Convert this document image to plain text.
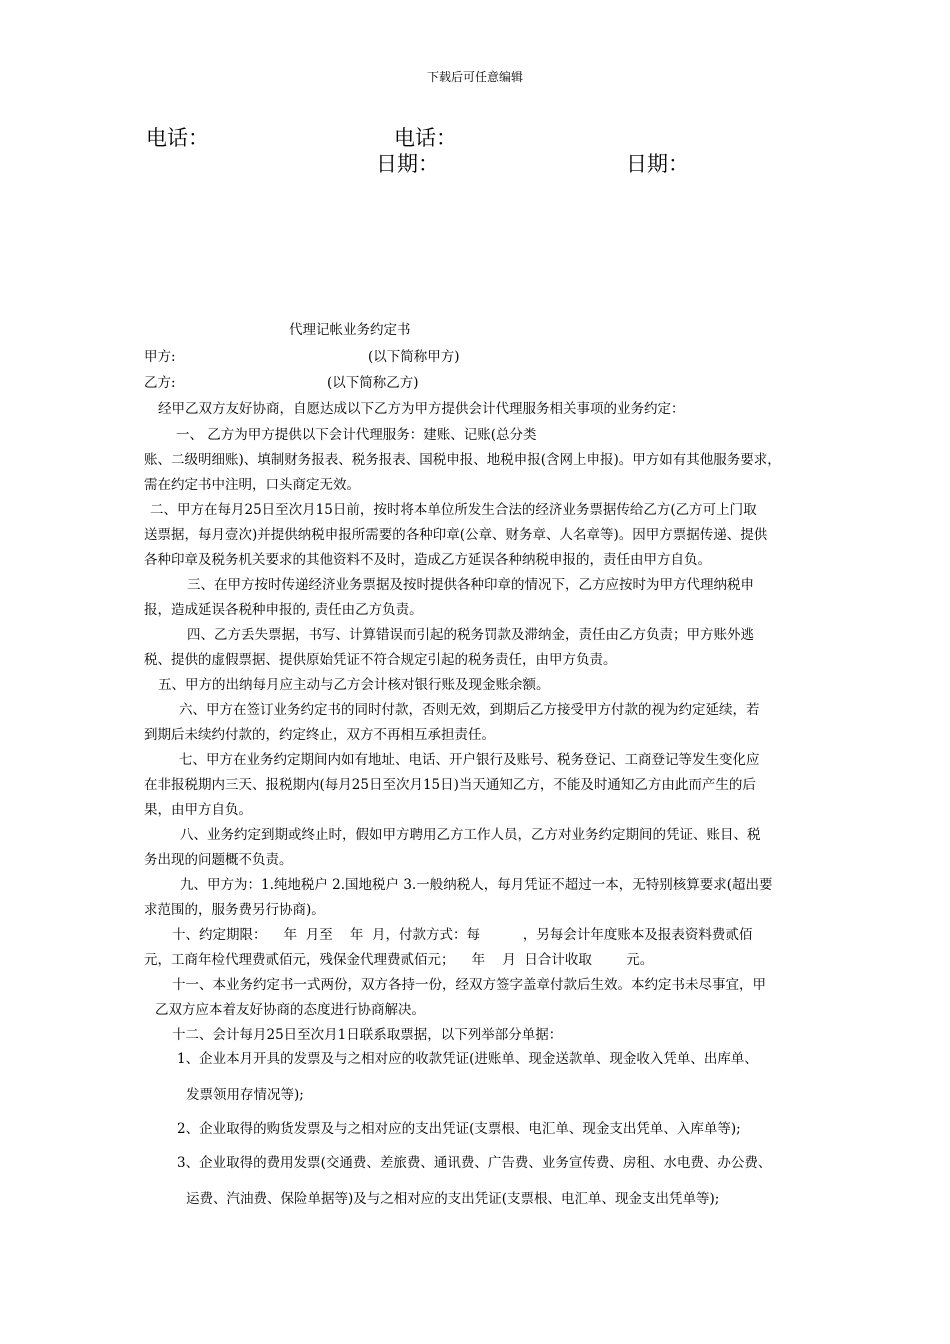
下载后可任意编辑
电话：	电话：
日期：	日期：
代理记帐业务约定书
甲方:	(以下简称甲方)
乙方:	(以下简称乙方)
经甲乙双方友好协商，自愿达成以下乙方为甲方提供会计代理服务相关事项的业务约定：
一、 乙方为甲方提供以下会计代理服务：建账、记账(总分类
账、二级明细账)、填制财务报表、税务报表、国税申报、地税申报(含网上申报)。甲方如有其他服务要求，
需在约定书中注明，口头商定无效。
二、甲方在每月25日至次月15日前，按时将本单位所发生合法的经济业务票据传给乙方(乙方可上门取
送票据，每月壹次)并提供纳税申报所需要的各种印章(公章、财务章、人名章等)。因甲方票据传递、提供
各种印章及税务机关要求的其他资料不及时，造成乙方延误各种纳税申报的，责任由甲方自负。
三、在甲方按时传递经济业务票据及按时提供各种印章的情况下，乙方应按时为甲方代理纳税申
报，造成延误各税种申报的, 责任由乙方负责。
四、乙方丢失票据，书写、计算错误而引起的税务罚款及滞纳金，责任由乙方负责；甲方账外逃
税、提供的虚假票据、提供原始凭证不符合规定引起的税务责任，由甲方负责。
五、甲方的出纳每月应主动与乙方会计核对银行账及现金账余额。
六、甲方在签订业务约定书的同时付款，否则无效，到期后乙方接受甲方付款的视为约定延续，若
到期后未续约付款的，约定终止，双方不再相互承担责任。
七、甲方在业务约定期间内如有地址、电话、开户银行及账号、税务登记、工商登记等发生变化应
在非报税期内三天、报税期内(每月25日至次月15日)当天通知乙方，不能及时通知乙方由此而产生的后
果，由甲方自负。
八、业务约定到期或终止时，假如甲方聘用乙方工作人员，乙方对业务约定期间的凭证、账目、税
务出现的问题概不负责。
九、甲方为：1.纯地税户 2.国地税户 3.一般纳税人，每月凭证不超过一本，无特别核算要求(超出要
求范围的，服务费另行协商)。
十、约定期限：    年  月至    年  月，付款方式：每          ，另每会计年度账本及报表资料费贰佰
元，工商年检代理费贰佰元，残保金代理费贰佰元；    年    月  日合计收取        元。
十一、本业务约定书一式两份，双方各持一份，经双方签字盖章付款后生效。本约定书未尽事宜，甲
乙双方应本着友好协商的态度进行协商解决。
十二、会计每月25日至次月1日联系取票据，以下列举部分单据：
1、企业本月开具的发票及与之相对应的收款凭证(进账单、现金送款单、现金收入凭单、出库单、
发票领用存情况等);
2、企业取得的购货发票及与之相对应的支出凭证(支票根、电汇单、现金支出凭单、入库单等);
3、企业取得的费用发票(交通费、差旅费、通讯费、广告费、业务宣传费、房租、水电费、办公费、
运费、汽油费、保险单据等)及与之相对应的支出凭证(支票根、电汇单、现金支出凭单等);
